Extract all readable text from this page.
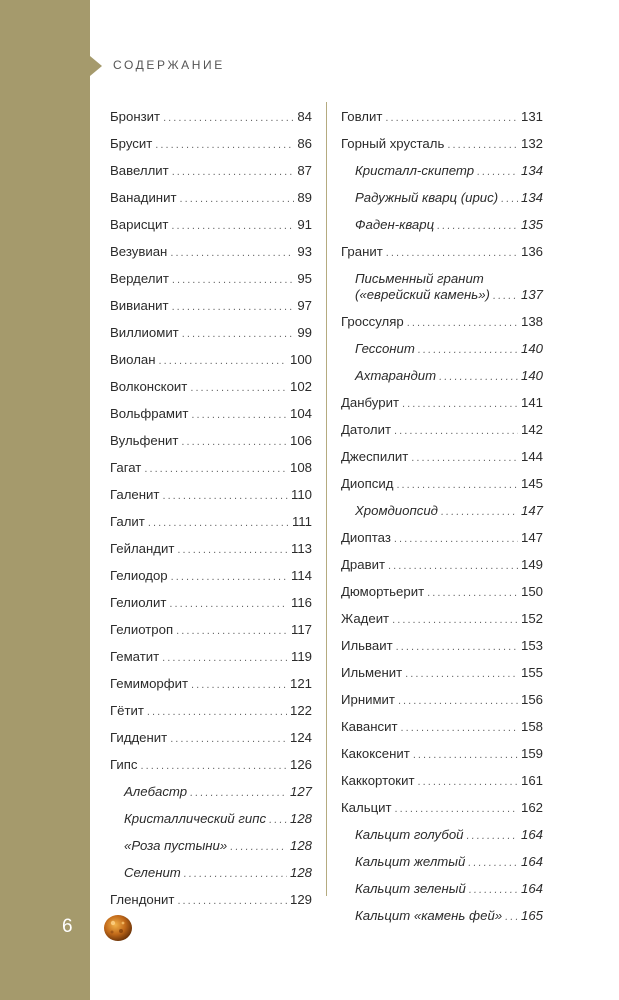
СОДЕРЖАНИЕ
Бронзит . . .	84
Брусит . . .	86
Вавеллит . . .	87
Ванадинит . . .	89
Варисцит . . .	91
Везувиан . . .	93
Верделит . . .	95
Вивианит . . .	97
Виллиомит . . .	99
Виолан . . .	100
Волконскоит . . .	102
Вольфрамит . . .	104
Вульфенит . . .	106
Гагат . . .	108
Галенит . . .	110
Галит . . .	111
Гейландит . . .	113
Гелиодор . . .	114
Гелиолит . . .	116
Гелиотроп . . .	117
Гематит . . .	119
Гемиморфит . . .	121
Гётит . . .	122
Гидденит . . .	124
Гипс . . .	126
Алебастр . . .	127
Кристаллический гипс . . . 128
«Роза пустыни» . . .	128
Селенит . . .	128
Глендонит . . .	129
Говлит . . .	131
Горный хрусталь . . .	132
Кристалл-скипетр . . .	134
Радужный кварц (ирис) . . . 134
Фаден-кварц . . .	135
Гранит . . .	136
Письменный гранит
(«еврейский камень») . . . 137
Гроссуляр . . .	138
Гессонит . . .	140
Ахтарандит . . .	140
Данбурит . . .	141
Датолит . . .	142
Джеспилит . . .	144
Диопсид . . .	145
Хромдиопсид . . .	147
Диоптаз . . .	147
Дравит . . .	149
Дюмортьерит . . .	150
Жадеит . . .	152
Ильваит . . .	153
Ильменит . . .	155
Ирнимит . . .	156
Кавансит . . .	158
Какоксенит . . .	159
Каккортокит . . .	161
Кальцит . . .	162
Кальцит голубой . . .	164
Кальцит желтый . . .	164
Кальцит зеленый . . .	164
Кальцит «камень фей» . . . 165
6
